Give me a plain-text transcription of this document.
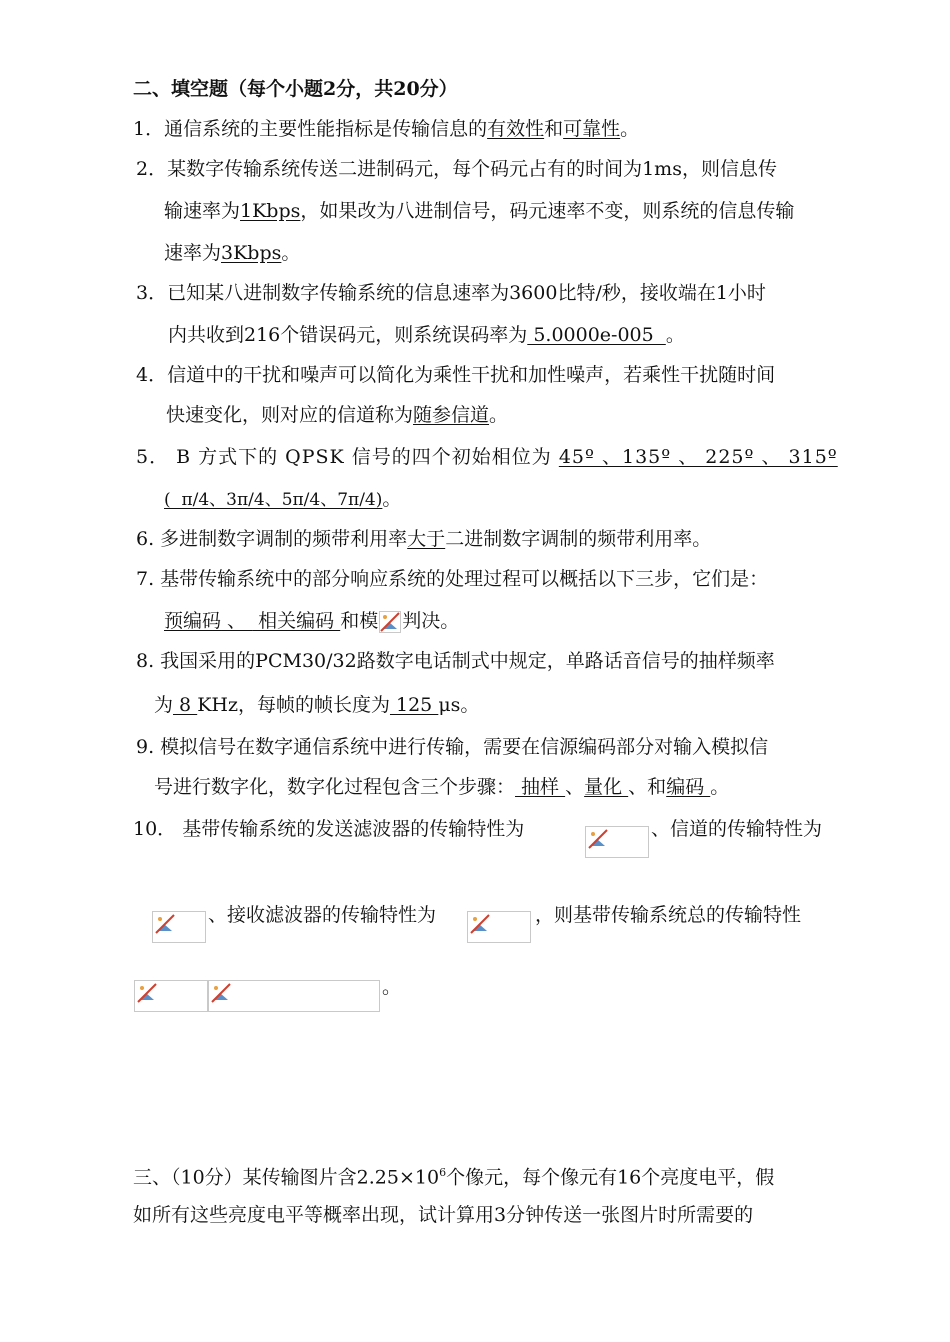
二、填空题（每个小题2分，共20分）
1．通信系统的主要性能指标是传输信息的有效性和可靠性。
2．某数字传输系统传送二进制码元，每个码元占有的时间为1ms，则信息传
输速率为1Kbps，如果改为八进制信号，码元速率不变，则系统的信息传输
速率为3Kbps。
3．已知某八进制数字传输系统的信息速率为3600比特/秒，接收端在1小时
内共收到216个错误码元，则系统误码率为 5.0000e-005  。
4．信道中的干扰和噪声可以简化为乘性干扰和加性噪声，若乘性干扰随时间
快速变化，则对应的信道称为随参信道。
5． B 方式下的 QPSK 信号的四个初始相位为 45º 、135º 、 225º 、 315º
(  π/4、3π/4、5π/4、7π/4)。
6. 多进制数字调制的频带利用率大于二进制数字调制的频带利用率。
7. 基带传输系统中的部分响应系统的处理过程可以概括以下三步，它们是：
预编码 、  相关编码 和模 判决。
8. 我国采用的PCM30/32路数字电话制式中规定，单路话音信号的抽样频率
为 8 KHz，每帧的帧长度为 125 μs。
9. 模拟信号在数字通信系统中进行传输，需要在信源编码部分对输入模拟信
号进行数字化，数字化过程包含三个步骤： 抽样 、量化 、和编码 。
10． 基带传输系统的发送滤波器的传输特性为	、信道的传输特性为
、接收滤波器的传输特性为	，则基带传输系统总的传输特性
。
三、（10分）某传输图片含$2.25\times 10^6$个像元，每个像元有16个亮度电平，假
如所有这些亮度电平等概率出现，试计算用3分钟传送一张图片时所需要的
